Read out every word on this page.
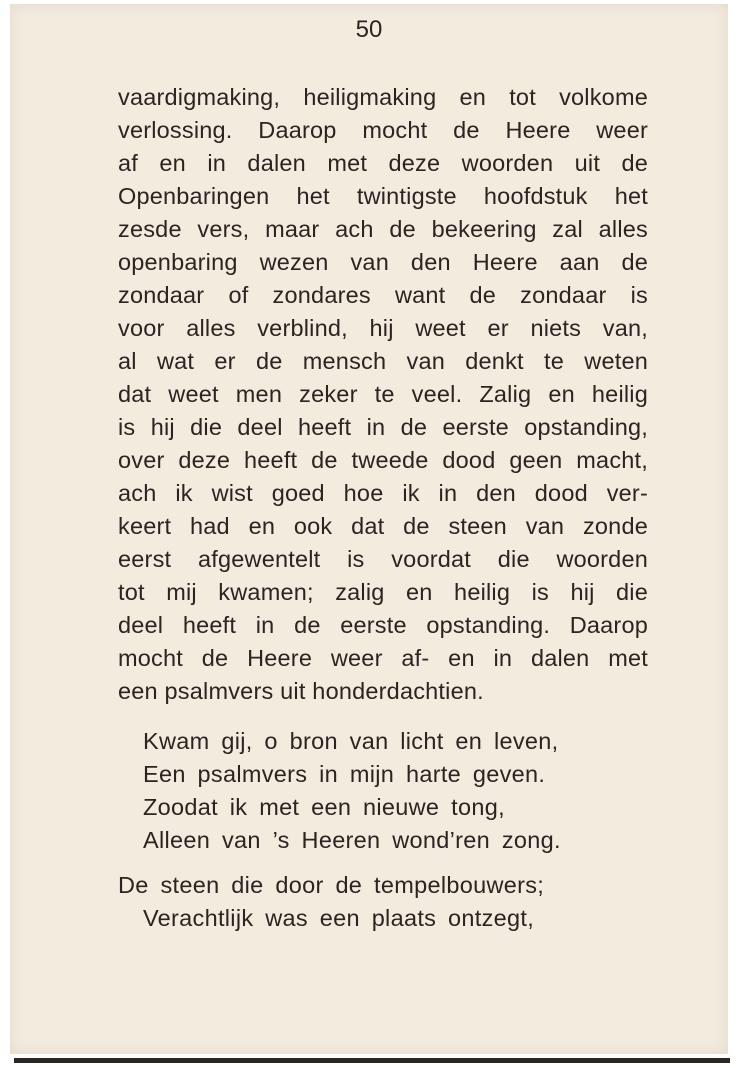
50
vaardigmaking, heiligmaking en tot volkome
verlossing. Daarop mocht de Heere weer
af en in dalen met deze woorden uit de
Openbaringen het twintigste hoofdstuk het
zesde vers, maar ach de bekeering zal alles
openbaring wezen van den Heere aan de
zondaar of zondares want de zondaar is
voor alles verblind, hij weet er niets van,
al wat er de mensch van denkt te weten
dat weet men zeker te veel. Zalig en heilig
is hij die deel heeft in de eerste opstanding,
over deze heeft de tweede dood geen macht,
ach ik wist goed hoe ik in den dood ver-
keert had en ook dat de steen van zonde
eerst afgewentelt is voordat die woorden
tot mij kwamen; zalig en heilig is hij die
deel heeft in de eerste opstanding. Daarop
mocht de Heere weer af- en in dalen met
een psalmvers uit honderdachtien.
Kwam gij, o bron van licht en leven,
Een psalmvers in mijn harte geven.
Zoodat ik met een nieuwe tong,
Alleen van ’s Heeren wond’ren zong.
De steen die door de tempelbouwers;
Verachtlijk was een plaats ontzegt,
